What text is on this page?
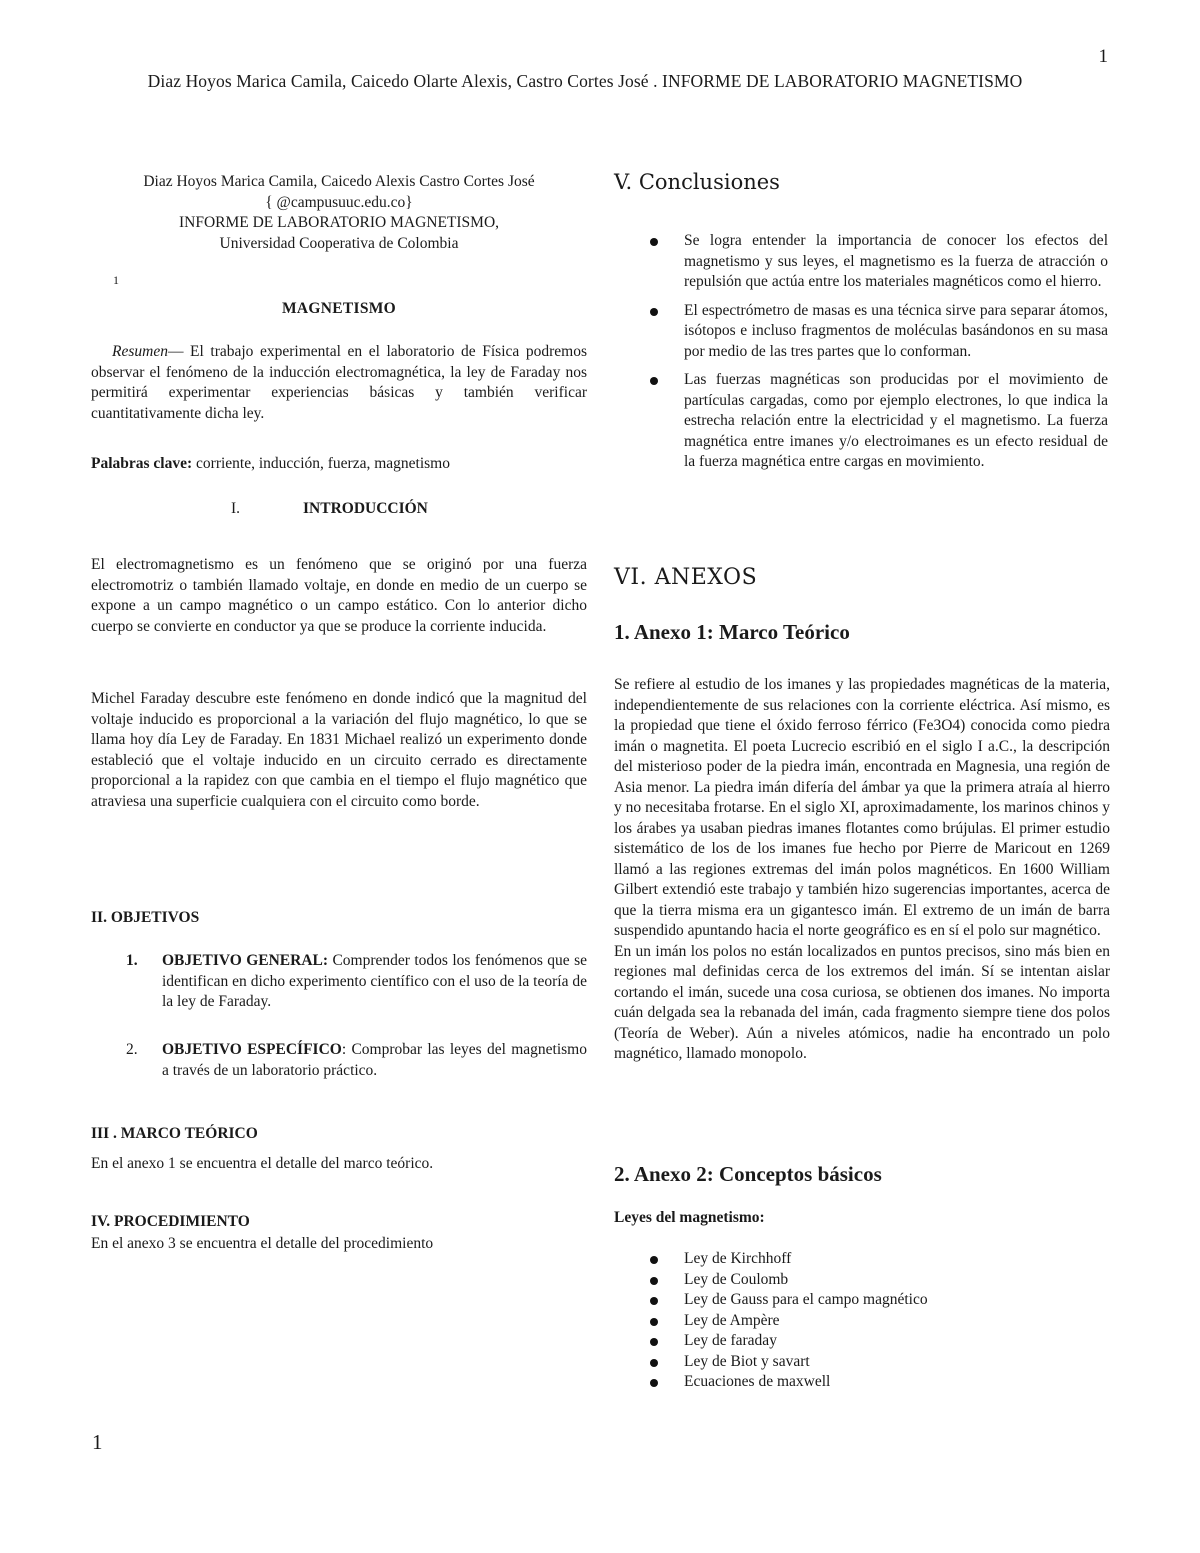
1
Diaz Hoyos Marica Camila, Caicedo Olarte Alexis, Castro Cortes José . INFORME DE LABORATORIO MAGNETISMO

Diaz Hoyos Marica Camila, Caicedo Alexis Castro Cortes José

{ @campusuuc.edu.co}

INFORME DE LABORATORIO MAGNETISMO,

Universidad Cooperativa de Colombia

1
MAGNETISMO

Resumen— El trabajo experimental en el laboratorio de Física podremos observar el fenómeno de la inducción electromagnética, la ley de Faraday nos permitirá experimentar experiencias básicas y también verificar cuantitativamente dicha ley.

Palabras clave: corriente, inducción, fuerza, magnetismo

I.	INTRODUCCIÓN

El electromagnetismo es un fenómeno que se originó por una fuerza electromotriz o también llamado voltaje, en donde en medio de un cuerpo se expone a un campo magnético o un campo estático. Con lo anterior dicho cuerpo se convierte en conductor ya que se produce la corriente inducida.

Michel Faraday descubre este fenómeno en donde indicó que la magnitud del voltaje inducido es proporcional a la variación del flujo magnético, lo que se llama hoy día Ley de Faraday. En 1831 Michael realizó un experimento donde estableció que el voltaje inducido en un circuito cerrado es directamente proporcional a la rapidez con que cambia en el tiempo el flujo magnético que atraviesa una superficie cualquiera con el circuito como borde.

II. OBJETIVOS
1. OBJETIVO GENERAL: Comprender todos los fenómenos que se identifican en dicho experimento científico con el uso de la teoría de la ley de Faraday.

2. OBJETIVO ESPECÍFICO: Comprobar las leyes del magnetismo a través de un laboratorio práctico.

III . MARCO TEÓRICO

En el anexo 1 se encuentra el detalle del marco teórico.

IV. PROCEDIMIENTO

En el anexo 3 se encuentra el detalle del procedimiento

V. Conclusiones
Se logra entender la importancia de conocer los efectos del magnetismo y sus leyes, el magnetismo es la fuerza de atracción o repulsión que actúa entre los materiales magnéticos como el hierro.
El espectrómetro de masas es una técnica sirve para separar átomos, isótopos e incluso fragmentos de moléculas basándonos en su masa por medio de las tres partes que lo conforman.
Las fuerzas magnéticas son producidas por el movimiento de partículas cargadas, como por ejemplo electrones, lo que indica la estrecha relación entre la electricidad y el magnetismo. La fuerza magnética entre imanes y/o electroimanes es un efecto residual de la fuerza magnética entre cargas en movimiento.
VI. ANEXOS
1. Anexo 1: Marco Teórico

Se refiere al estudio de los imanes y las propiedades magnéticas de la materia, independientemente de sus relaciones con la corriente eléctrica. Así mismo, es la propiedad que tiene el óxido ferroso férrico (Fe3O4) conocida como piedra imán o magnetita. El poeta Lucrecio escribió en el siglo I a.C., la descripción del misterioso poder de la piedra imán, encontrada en Magnesia, una región de Asia menor. La piedra imán difería del ámbar ya que la primera atraía al hierro y no necesitaba frotarse. En el siglo XI, aproximadamente, los marinos chinos y los árabes ya usaban piedras imanes flotantes como brújulas. El primer estudio sistemático de los de los imanes fue hecho por Pierre de Maricout en 1269 llamó a las regiones extremas del imán polos magnéticos. En 1600 William Gilbert extendió este trabajo y también hizo sugerencias importantes, acerca de que la tierra misma era un gigantesco imán. El extremo de un imán de barra suspendido apuntando hacia el norte geográfico es en sí el polo sur magnético.

En un imán los polos no están localizados en puntos precisos, sino más bien en regiones mal definidas cerca de los extremos del imán. Sí se intentan aislar cortando el imán, sucede una cosa curiosa, se obtienen dos imanes. No importa cuán delgada sea la rebanada del imán, cada fragmento siempre tiene dos polos (Teoría de Weber). Aún a niveles atómicos, nadie ha encontrado un polo magnético, llamado monopolo.

2. Anexo 2: Conceptos básicos
Leyes del magnetismo:
Ley de Kirchhoff
Ley de Coulomb
Ley de Gauss para el campo magnético
Ley de Ampère
Ley de faraday
Ley de Biot y savart
Ecuaciones de maxwell
1
